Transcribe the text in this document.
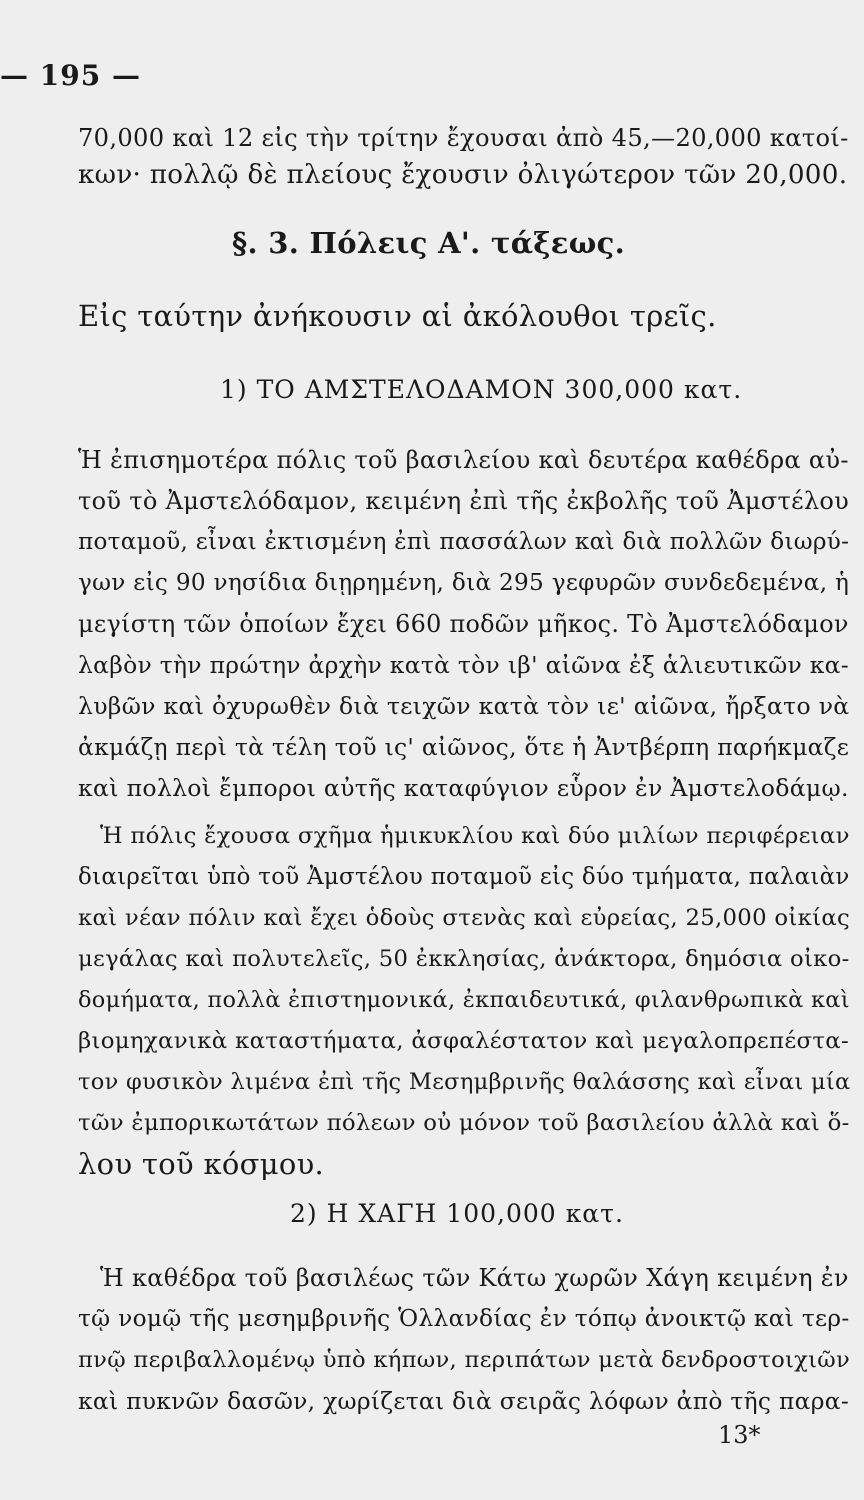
— 195 —
70,000 καὶ 12 εἰς τὴν τρίτην ἔχουσαι ἀπὸ 45,—20,000 κατοί-
κων· πολλῷ δὲ πλείους ἔχουσιν ὀλιγώτερον τῶν 20,000.
§. 3. Πόλεις Α'. τάξεως.
Εἰς ταύτην ἀνήκουσιν αἱ ἀκόλουθοι τρεῖς.
1) ΤΟ ΑΜΣΤΕΛΟΔΑΜΟΝ 300,000 κατ.
Ἡ ἐπισημοτέρα πόλις τοῦ βασιλείου καὶ δευτέρα καθέδρα αὐ-
τοῦ τὸ Ἀμστελόδαμον, κειμένη ἐπὶ τῆς ἐκβολῆς τοῦ Ἀμστέλου
ποταμοῦ, εἶναι ἐκτισμένη ἐπὶ πασσάλων καὶ διὰ πολλῶν διωρύ-
γων εἰς 90 νησίδια διῃρημένη, διὰ 295 γεφυρῶν συνδεδεμένα, ἡ
μεγίστη τῶν ὁποίων ἔχει 660 ποδῶν μῆκος. Τὸ Ἀμστελόδαμον
λαβὸν τὴν πρώτην ἀρχὴν κατὰ τὸν ιβ' αἰῶνα ἐξ ἁλιευτικῶν κα-
λυβῶν καὶ ὀχυρωθὲν διὰ τειχῶν κατὰ τὸν ιε' αἰῶνα, ἤρξατο νὰ
ἀκμάζῃ περὶ τὰ τέλη τοῦ ις' αἰῶνος, ὅτε ἡ Ἀντβέρπη παρήκμαζε
καὶ πολλοὶ ἔμποροι αὐτῆς καταφύγιον εὗρον ἐν Ἀμστελοδάμῳ.
Ἡ πόλις ἔχουσα σχῆμα ἡμικυκλίου καὶ δύο μιλίων περιφέρειαν
διαιρεῖται ὑπὸ τοῦ Ἀμστέλου ποταμοῦ εἰς δύο τμήματα, παλαιὰν
καὶ νέαν πόλιν καὶ ἔχει ὁδοὺς στενὰς καὶ εὐρείας, 25,000 οἰκίας
μεγάλας καὶ πολυτελεῖς, 50 ἐκκλησίας, ἀνάκτορα, δημόσια οἰκο-
δομήματα, πολλὰ ἐπιστημονικά, ἐκπαιδευτικά, φιλανθρωπικὰ καὶ
βιομηχανικὰ καταστήματα, ἀσφαλέστατον καὶ μεγαλοπρεπέστα-
τον φυσικὸν λιμένα ἐπὶ τῆς Μεσημβρινῆς θαλάσσης καὶ εἶναι μία
τῶν ἐμπορικωτάτων πόλεων οὐ μόνον τοῦ βασιλείου ἀλλὰ καὶ ὅ-
λου τοῦ κόσμου.
2) Η ΧΑΓΗ 100,000 κατ.
Ἡ καθέδρα τοῦ βασιλέως τῶν Κάτω χωρῶν Χάγη κειμένη ἐν
τῷ νομῷ τῆς μεσημβρινῆς Ὁλλανδίας ἐν τόπῳ ἀνοικτῷ καὶ τερ-
πνῷ περιβαλλομένῳ ὑπὸ κήπων, περιπάτων μετὰ δενδροστοιχιῶν
καὶ πυκνῶν δασῶν, χωρίζεται διὰ σειρᾶς λόφων ἀπὸ τῆς παρα-
13*
